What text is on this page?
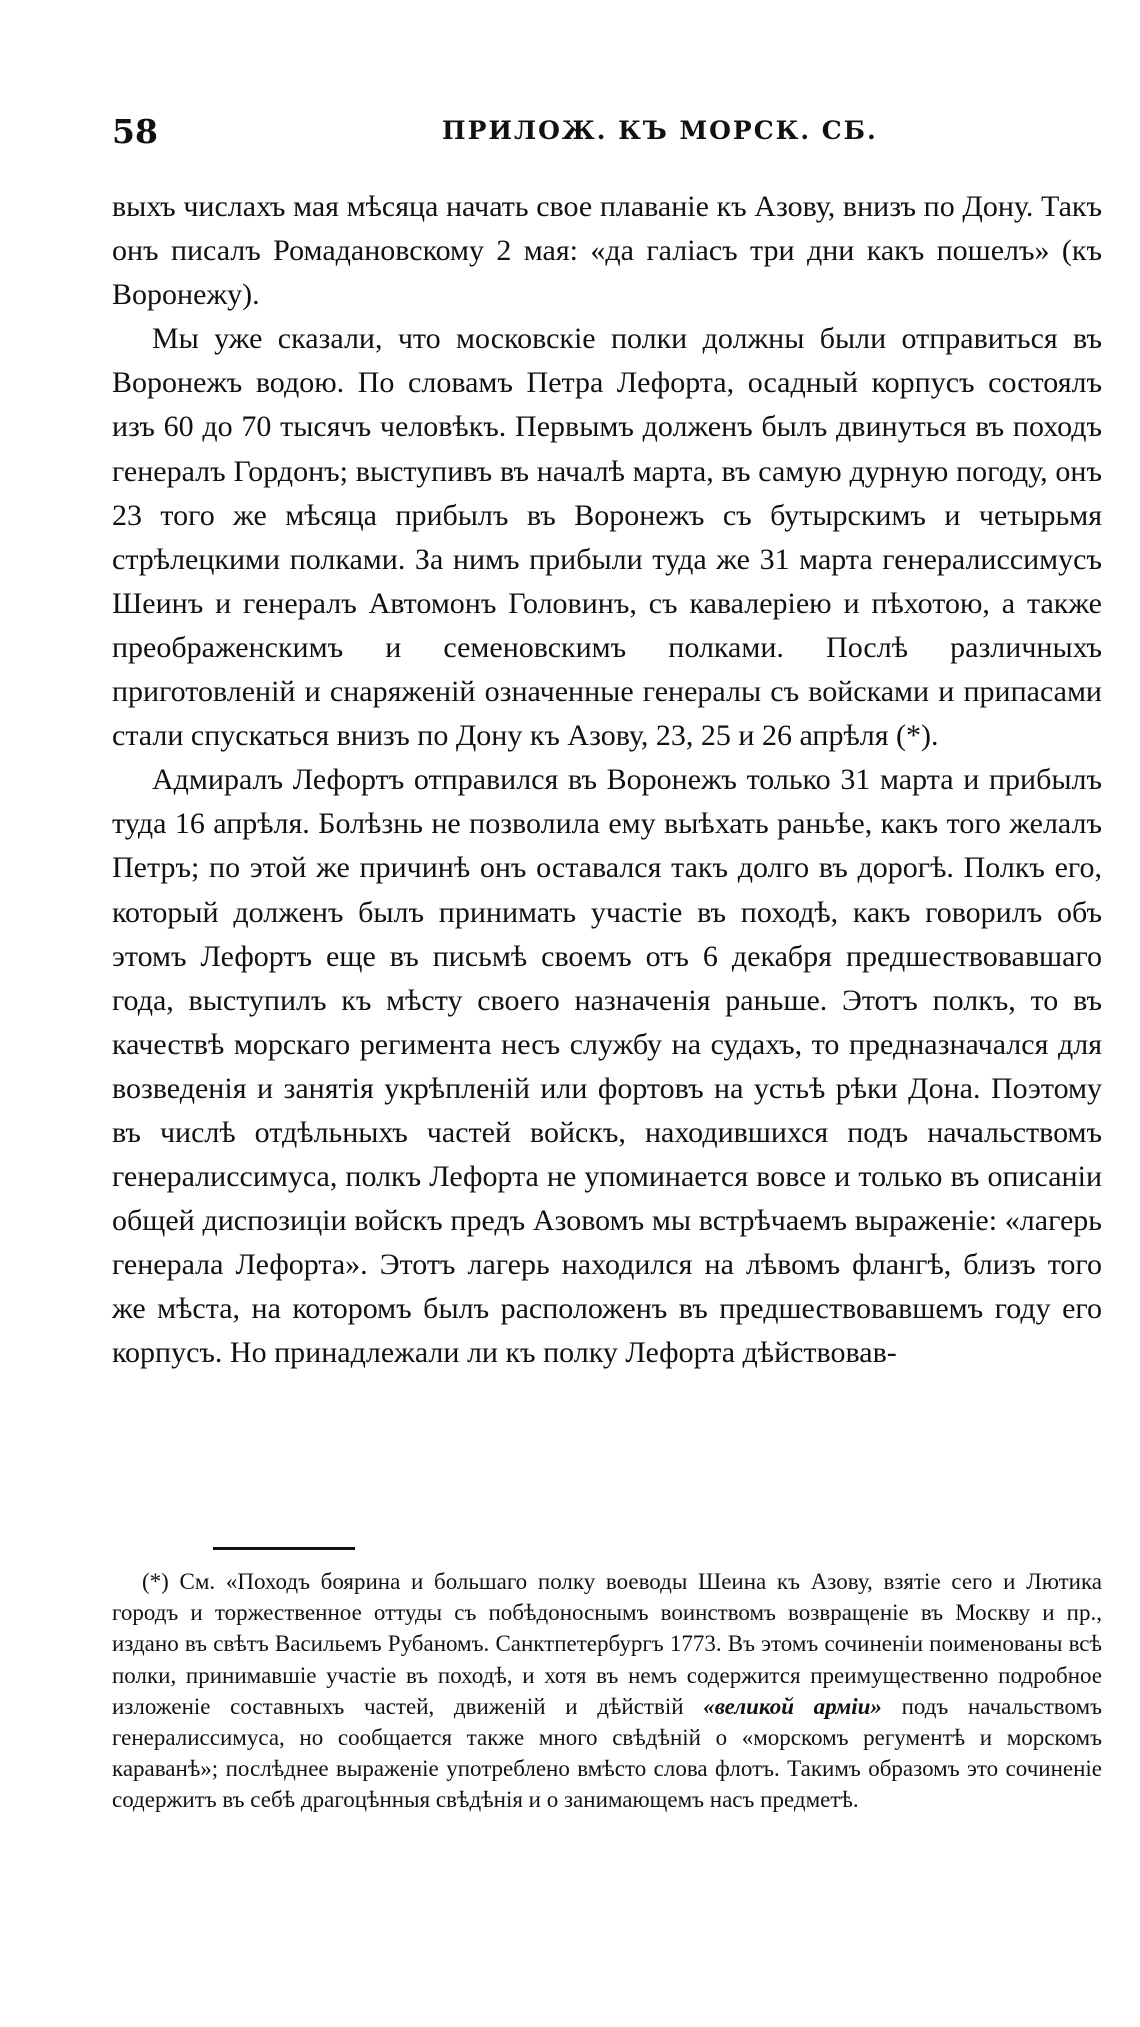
58	ПРИЛОЖ. КЪ МОРСК. СБ.

выхъ числахъ мая мѣсяца начать свое плаваніе къ Азову, внизъ по Дону. Такъ онъ писалъ Ромадановскому 2 мая: «да галіасъ три дни какъ пошелъ» (къ Воронежу).

Мы уже сказали, что московскіе полки должны были отправиться въ Воронежъ водою. По словамъ Петра Лефорта, осадный корпусъ состоялъ изъ 60 до 70 тысячъ человѣкъ. Первымъ долженъ былъ двинуться въ походъ генералъ Гордонъ; выступивъ въ началѣ марта, въ самую дурную погоду, онъ 23 того же мѣсяца прибылъ въ Воронежъ съ бутырскимъ и четырьмя стрѣлецкими полками. За нимъ прибыли туда же 31 марта генералиссимусъ Шеинъ и генералъ Автомонъ Головинъ, съ кавалеріею и пѣхотою, а также преображенскимъ и семеновскимъ полками. Послѣ различныхъ приготовленій и снаряженій означенные генералы съ войсками и припасами стали спускаться внизъ по Дону къ Азову, 23, 25 и 26 апрѣля (*).

Адмиралъ Лефортъ отправился въ Воронежъ только 31 марта и прибылъ туда 16 апрѣля. Болѣзнь не позволила ему выѣхать раньѣе, какъ того желалъ Петръ; по этой же причинѣ онъ оставался такъ долго въ дорогѣ. Полкъ его, который долженъ былъ принимать участіе въ походѣ, какъ говорилъ объ этомъ Лефортъ еще въ письмѣ своемъ отъ 6 декабря предшествовавшаго года, выступилъ къ мѣсту своего назначенія раньше. Этотъ полкъ, то въ качествѣ морскаго регимента несъ службу на судахъ, то предназначался для возведенія и занятія укрѣпленій или фортовъ на устьѣ рѣки Дона. Поэтому въ числѣ отдѣльныхъ частей войскъ, находившихся подъ начальствомъ генералиссимуса, полкъ Лефорта не упоминается вовсе и только въ описаніи общей диспозиціи войскъ предъ Азовомъ мы встрѣчаемъ выраженіе: «лагерь генерала Лефорта». Этотъ лагерь находился на лѣвомъ флангѣ, близъ того же мѣста, на которомъ былъ расположенъ въ предшествовавшемъ году его корпусъ. Но принадлежали ли къ полку Лефорта дѣйствовав-

(*) См. «Походъ боярина и большаго полку воеводы Шеина къ Азову, взятіе сего и Лютика городъ и торжественное оттуды съ побѣдоноснымъ воинствомъ возвращеніе въ Москву и пр., издано въ свѣтъ Васильемъ Рубаномъ. Санктпетербургъ 1773. Въ этомъ сочиненіи поименованы всѣ полки, принимавшіе участіе въ походѣ, и хотя въ немъ содержится преимущественно подробное изложеніе составныхъ частей, движеній и дѣйствій «великой арміи» подъ начальствомъ генералиссимуса, но сообщается также много свѣдѣній о «морскомъ регументѣ и морскомъ караванѣ»; послѣднее выраженіе употреблено вмѣсто слова флотъ. Такимъ образомъ это сочиненіе содержитъ въ себѣ драгоцѣнныя свѣдѣнія и о занимающемъ насъ предметѣ.
